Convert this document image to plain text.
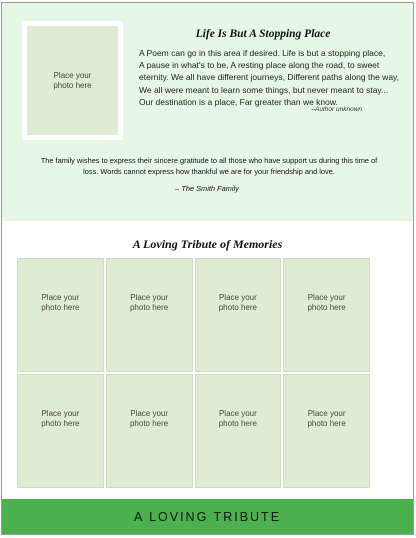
Place your
photo here
Life Is But A Stopping Place
A Poem can go in this area if desired. Life is but a stopping place,
A pause in what's to be, A resting place along the road, to sweet
eternity. We all have different journeys, Different paths along the way,
We all were meant to learn some things, but never meant to stay...
Our destination is a place, Far greater than we know.
–Author unknown
The family wishes to express their sincere gratitude to all those who have support us during this time of loss. Words cannot express how thankful we are for your friendship and love.
– The Smith Family
A Loving Tribute of Memories
Place your
photo here
Place your
photo here
Place your
photo here
Place your
photo here
Place your
photo here
Place your
photo here
Place your
photo here
Place your
photo here
A LOVING TRIBUTE
